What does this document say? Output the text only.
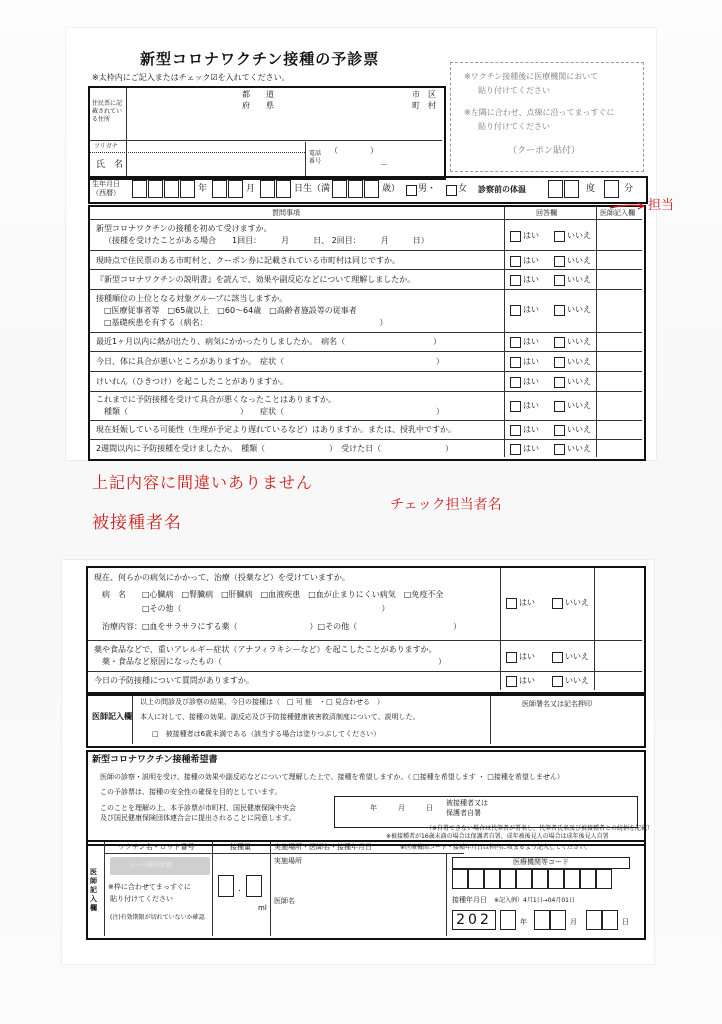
新型コロナワクチン接種の予診票
※太枠内にご記入またはチェック☑を入れてください。	※ワクチン接種後に医療機関において
貼り付けてください
※左隅に合わせ、点線に沿ってまっすぐに
貼り付けてください
（クーポン貼付）
住民票に記載されている住所
都 道
府 県
市 区
町 村
フリガナ
氏　名
電話番号
（　　　　）
－
生年月日（西暦）	年	月	日生（満	歳） 男・ 女 診察前の体温	度	分
質問事項	回答欄	医師記入欄
新型コロナワクチンの接種を初めて受けますか。
（接種を受けたことがある場合　　1回目：　　　月　　　日、 2回目：　　　月　　　日）
はい	いいえ
現時点で住民票のある市町村と、クーポン券に記載されている市町村は同じですか。	はい	いいえ
『新型コロナワクチンの説明書』を読んで、効果や副反応などについて理解しましたか。	はい	いいえ
接種順位の上位となる対象グループに該当しますか。
□医療従事者等　□65歳以上　□60～64歳　□高齢者施設等の従事者
□基礎疾患を有する（病名：　　　　　　　　　　　　　　　　　　　　　　）
はい	いいえ
最近1ヶ月以内に熱が出たり、病気にかかったりしましたか。　病名（　　　　　　　　　　　）	はい	いいえ
今日、体に具合が悪いところがありますか。　症状（　　　　　　　　　　　　　　　　　　　）	はい	いいえ
けいれん（ひきつけ）を起こしたことがありますか。	はい	いいえ
これまでに予防接種を受けて具合が悪くなったことはありますか。
種類（　　　　　　　　　　　　　　）　　症状（　　　　　　　　　　　　　　　　　　　）
はい	いいえ
現在妊娠している可能性（生理が予定より遅れているなど）はありますか。または、授乳中ですか。	はい	いいえ
2週間以内に予防接種を受けましたか。　種類（　　　　　　　　）　受けた日（　　　　　　　　）	はい	いいえ
担当
上記内容に間違いありません
被接種者名
チェック担当者名
現在、何らかの病気にかかって、治療（投薬など）を受けていますか。
病　名 □心臓病　□腎臓病　□肝臓病　□血液疾患　□血が止まりにくい病気　□免疫不全
□その他（　　　　　　　　　　　　　　　　　　　　　　　　　）
治療内容：□血をサラサラにする薬（　　　　　　　　　）□その他（　　　　　　　　　　　　）
はい	いいえ
薬や食品などで、重いアレルギー症状（アナフィラキシーなど）を起こしたことがありますか。
薬・食品など原因になったもの（　　　　　　　　　　　　　　　　　　　　　　　　　　　）
はい	いいえ
今日の予防接種について質問がありますか。	はい	いいえ
医師記入欄
以上の問診及び診察の結果、今日の接種は（　□ 可 能　・□ 見合わせる　）
本人に対して、接種の効果、副反応及び予防接種健康被害救済制度について、説明した。
□　被接種者は6歳未満である（該当する場合は塗りつぶしてください）
医師署名又は記名押印
新型コロナワクチン接種希望書
医師の診察・説明を受け、接種の効果や副反応などについて理解した上で、接種を希望しますか。（ □接種を希望します ・ □接種を希望しません）
この予診票は、接種の安全性の確保を目的としています。
このことを理解の上、本予診票が市町村、国民健康保険中央会
及び国民健康保険団体連合会に提出されることに同意します。
年　　　月　　　日
被接種者又は
保護者自署
（※自署できない場合は代筆者が署名し、代筆者氏名及び被接種者との続柄を記載）
※被接種者が16歳未満の場合は保護者自署、成年被後見人の場合は成年後見人自署
医師記入欄
ワクチン名・ロット番号
シール貼付位置
※枠に合わせてまっすぐに
貼り付けてください
(注)有効期限が切れていないか確認
接種量
.
ml
実施場所・医師名・接種年月日
実施場所
医師名
※医療機関コード・接種年月日は枠内に収まるよう記入してください。
医療機関等コード
接種年月日 ※記入例）4月1日→04月01日
202	年	月	日
